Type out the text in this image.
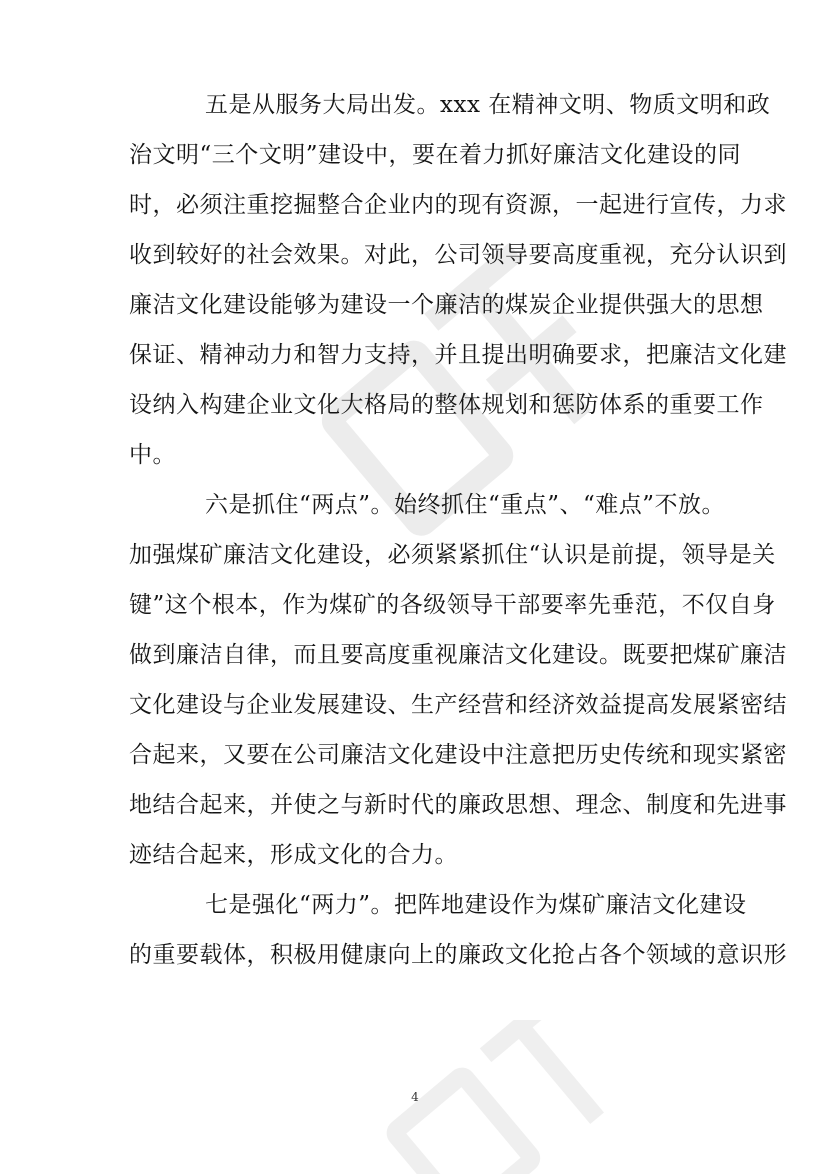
五是从服务大局出发。xxx 在精神文明、物质文明和政
治文明“三个文明”建设中，要在着力抓好廉洁文化建设的同
时，必须注重挖掘整合企业内的现有资源，一起进行宣传，力求
收到较好的社会效果。对此，公司领导要高度重视，充分认识到
廉洁文化建设能够为建设一个廉洁的煤炭企业提供强大的思想
保证、精神动力和智力支持，并且提出明确要求，把廉洁文化建
设纳入构建企业文化大格局的整体规划和惩防体系的重要工作
中。

六是抓住“两点”。始终抓住“重点”、“难点”不放。
加强煤矿廉洁文化建设，必须紧紧抓住“认识是前提，领导是关
键”这个根本，作为煤矿的各级领导干部要率先垂范，不仅自身
做到廉洁自律，而且要高度重视廉洁文化建设。既要把煤矿廉洁
文化建设与企业发展建设、生产经营和经济效益提高发展紧密结
合起来，又要在公司廉洁文化建设中注意把历史传统和现实紧密
地结合起来，并使之与新时代的廉政思想、理念、制度和先进事
迹结合起来，形成文化的合力。

七是强化“两力”。把阵地建设作为煤矿廉洁文化建设
的重要载体，积极用健康向上的廉政文化抢占各个领域的意识形

4
